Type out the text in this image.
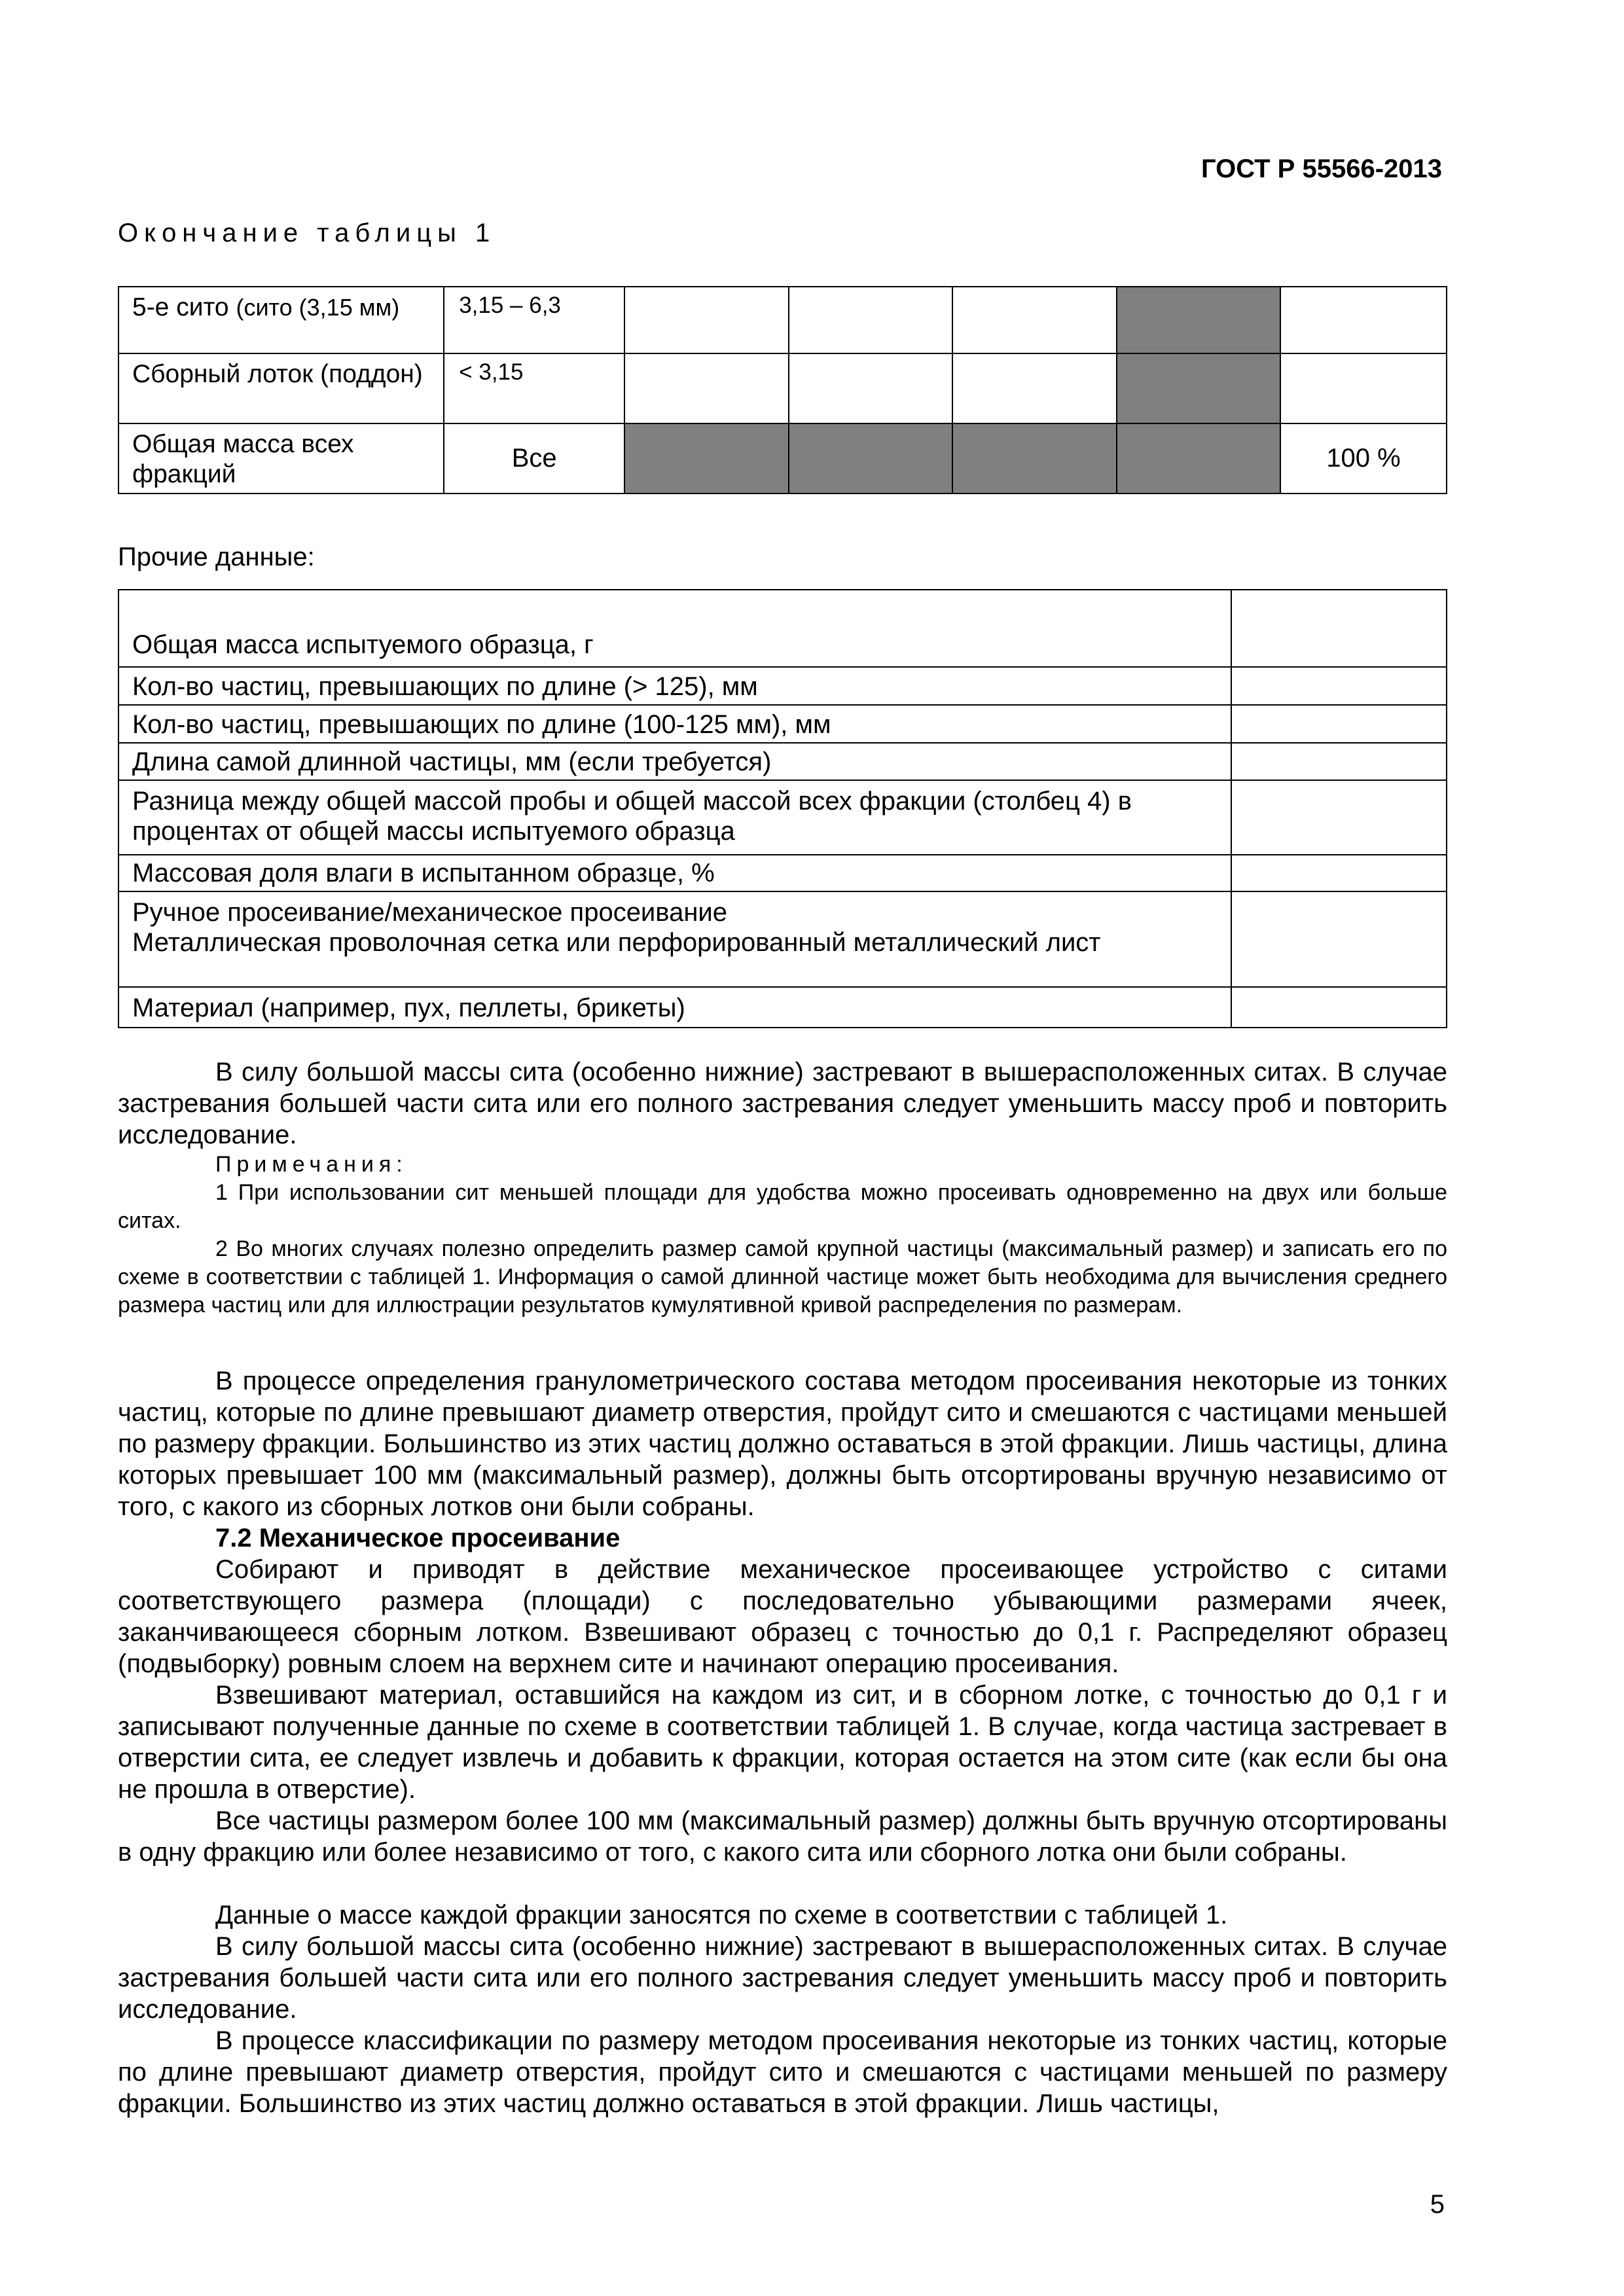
ГОСТ Р 55566-2013
Окончание таблицы 1
5-е сито (сито (3,15 мм)	3,15 – 6,3					
Сборный лоток (поддон)	< 3,15					
Общая масса всех фракций	Все					100 %
Прочие данные:
Общая масса испытуемого образца, г	
Кол-во частиц, превышающих по длине (> 125), мм	
Кол-во частиц, превышающих по длине (100-125 мм), мм	
Длина самой длинной частицы, мм (если требуется)	
Разница между общей массой пробы и общей массой всех фракции (столбец 4) в процентах от общей массы испытуемого образца	
Массовая доля влаги в испытанном образце, %	

Ручное просеивание/механическое просеивание
Металлическая проволочная сетка или перфорированный металлический лист	

Материал (например, пух, пеллеты, брикеты)	
В силу большой массы сита (особенно нижние) застревают в вышерасположенных ситах. В случае застревания большей части сита или его полного застревания следует уменьшить массу проб и повторить исследование.
Примечания:
1 При использовании сит меньшей площади для удобства можно просеивать одновременно на двух или больше ситах.
2 Во многих случаях полезно определить размер самой крупной частицы (максимальный размер) и записать его по схеме в соответствии с таблицей 1. Информация о самой длинной частице может быть необходима для вычисления среднего размера частиц или для иллюстрации результатов кумулятивной кривой распределения по размерам.
В процессе определения гранулометрического состава методом просеивания некоторые из тонких частиц, которые по длине превышают диаметр отверстия, пройдут сито и смешаются с частицами меньшей по размеру фракции. Большинство из этих частиц должно оставаться в этой фракции. Лишь частицы, длина которых превышает 100 мм (максимальный размер), должны быть отсортированы вручную независимо от того, с какого из сборных лотков они были собраны.
7.2 Механическое просеивание
Собирают и приводят в действие механическое просеивающее устройство с ситами соответствующего размера (площади) с последовательно убывающими размерами ячеек, заканчивающееся сборным лотком. Взвешивают образец с точностью до 0,1 г. Распределяют образец (подвыборку) ровным слоем на верхнем сите и начинают операцию просеивания.
Взвешивают материал, оставшийся на каждом из сит, и в сборном лотке, с точностью до 0,1 г и записывают полученные данные по схеме в соответствии таблицей 1. В случае, когда частица застревает в отверстии сита, ее следует извлечь и добавить к фракции, которая остается на этом сите (как если бы она не прошла в отверстие).
Все частицы размером более 100 мм (максимальный размер) должны быть вручную отсортированы в одну фракцию или более независимо от того, с какого сита или сборного лотка они были собраны.
Данные о массе каждой фракции заносятся по схеме в соответствии с таблицей 1.
В силу большой массы сита (особенно нижние) застревают в вышерасположенных ситах. В случае застревания большей части сита или его полного застревания следует уменьшить массу проб и повторить исследование.
В процессе классификации по размеру методом просеивания некоторые из тонких частиц, которые по длине превышают диаметр отверстия, пройдут сито и смешаются с частицами меньшей по размеру фракции. Большинство из этих частиц должно оставаться в этой фракции. Лишь частицы,
5
